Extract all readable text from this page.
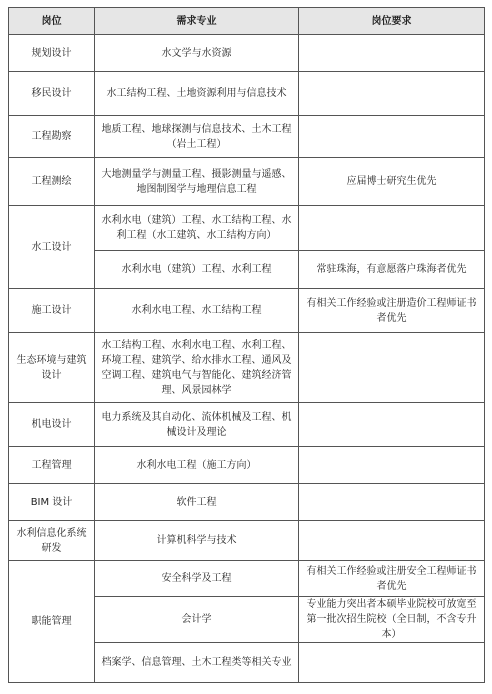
岗位	需求专业	岗位要求
规划设计	水文学与水资源	
移民设计	水工结构工程、土地资源利用与信息技术	
工程勘察	地质工程、地球探测与信息技术、土木工程（岩土工程）	
工程测绘	大地测量学与测量工程、摄影测量与遥感、地图制图学与地理信息工程	应届博士研究生优先
水工设计	水利水电（建筑）工程、水工结构工程、水利工程（水工建筑、水工结构方向）	
	水利水电（建筑）工程、水利工程	常驻珠海，有意愿落户珠海者优先
施工设计	水利水电工程、水工结构工程	有相关工作经验或注册造价工程师证书者优先
生态环境与建筑设计	水工结构工程、水利水电工程、水利工程、环境工程、建筑学、给水排水工程、通风及空调工程、建筑电气与智能化、建筑经济管理、风景园林学	
机电设计	电力系统及其自动化、流体机械及工程、机械设计及理论	
工程管理	水利水电工程（施工方向）	
BIM 设计	软件工程	
水利信息化系统研发	计算机科学与技术	
职能管理	安全科学及工程	有相关工作经验或注册安全工程师证书者优先
	会计学	专业能力突出者本硕毕业院校可放宽至第一批次招生院校（全日制，不含专升本）
	档案学、信息管理、土木工程类等相关专业	
